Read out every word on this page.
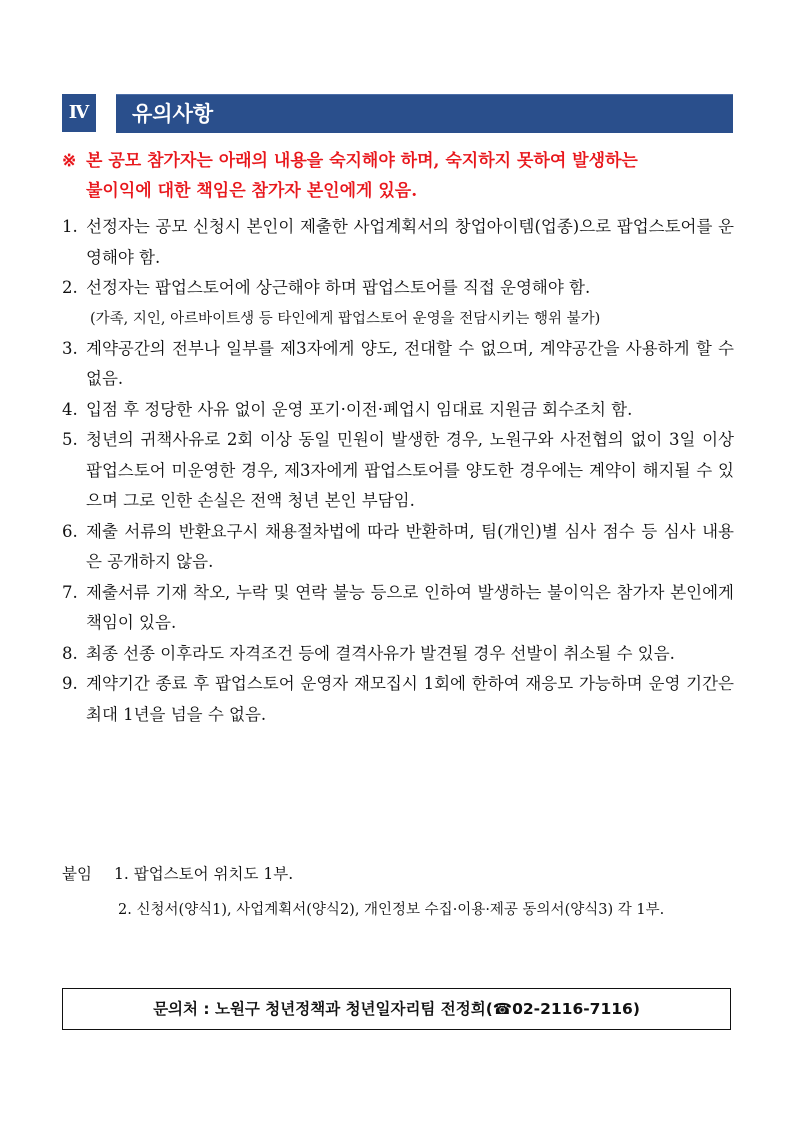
Ⅳ	유의사항
※ 본 공모 참가자는 아래의 내용을 숙지해야 하며, 숙지하지 못하여 발생하는
불이익에 대한 책임은 참가자 본인에게 있음.
1. 선정자는 공모 신청시 본인이 제출한 사업계획서의 창업아이템(업종)으로 팝업스토어를 운영해야 함.
2. 선정자는 팝업스토어에 상근해야 하며 팝업스토어를 직접 운영해야 함.
(가족, 지인, 아르바이트생 등 타인에게 팝업스토어 운영을 전담시키는 행위 불가)
3. 계약공간의 전부나 일부를 제3자에게 양도, 전대할 수 없으며, 계약공간을 사용하게 할 수 없음.
4. 입점 후 정당한 사유 없이 운영 포기·이전·폐업시 임대료 지원금 회수조치 함.
5. 청년의 귀책사유로 2회 이상 동일 민원이 발생한 경우, 노원구와 사전협의 없이 3일 이상 팝업스토어 미운영한 경우, 제3자에게 팝업스토어를 양도한 경우에는 계약이 해지될 수 있으며 그로 인한 손실은 전액 청년 본인 부담임.
6. 제출 서류의 반환요구시 채용절차법에 따라 반환하며, 팀(개인)별 심사 점수 등 심사 내용은 공개하지 않음.
7. 제출서류 기재 착오, 누락 및 연락 불능 등으로 인하여 발생하는 불이익은 참가자 본인에게 책임이 있음.
8. 최종 선종 이후라도 자격조건 등에 결격사유가 발견될 경우 선발이 취소될 수 있음.
9. 계약기간 종료 후 팝업스토어 운영자 재모집시 1회에 한하여 재응모 가능하며 운영 기간은 최대 1년을 넘을 수 없음.
붙임 1. 팝업스토어 위치도 1부.
2. 신청서(양식1), 사업계획서(양식2), 개인정보 수집·이용·제공 동의서(양식3) 각 1부.
문의처 : 노원구 청년정책과 청년일자리팀 전정희(☎02-2116-7116)
